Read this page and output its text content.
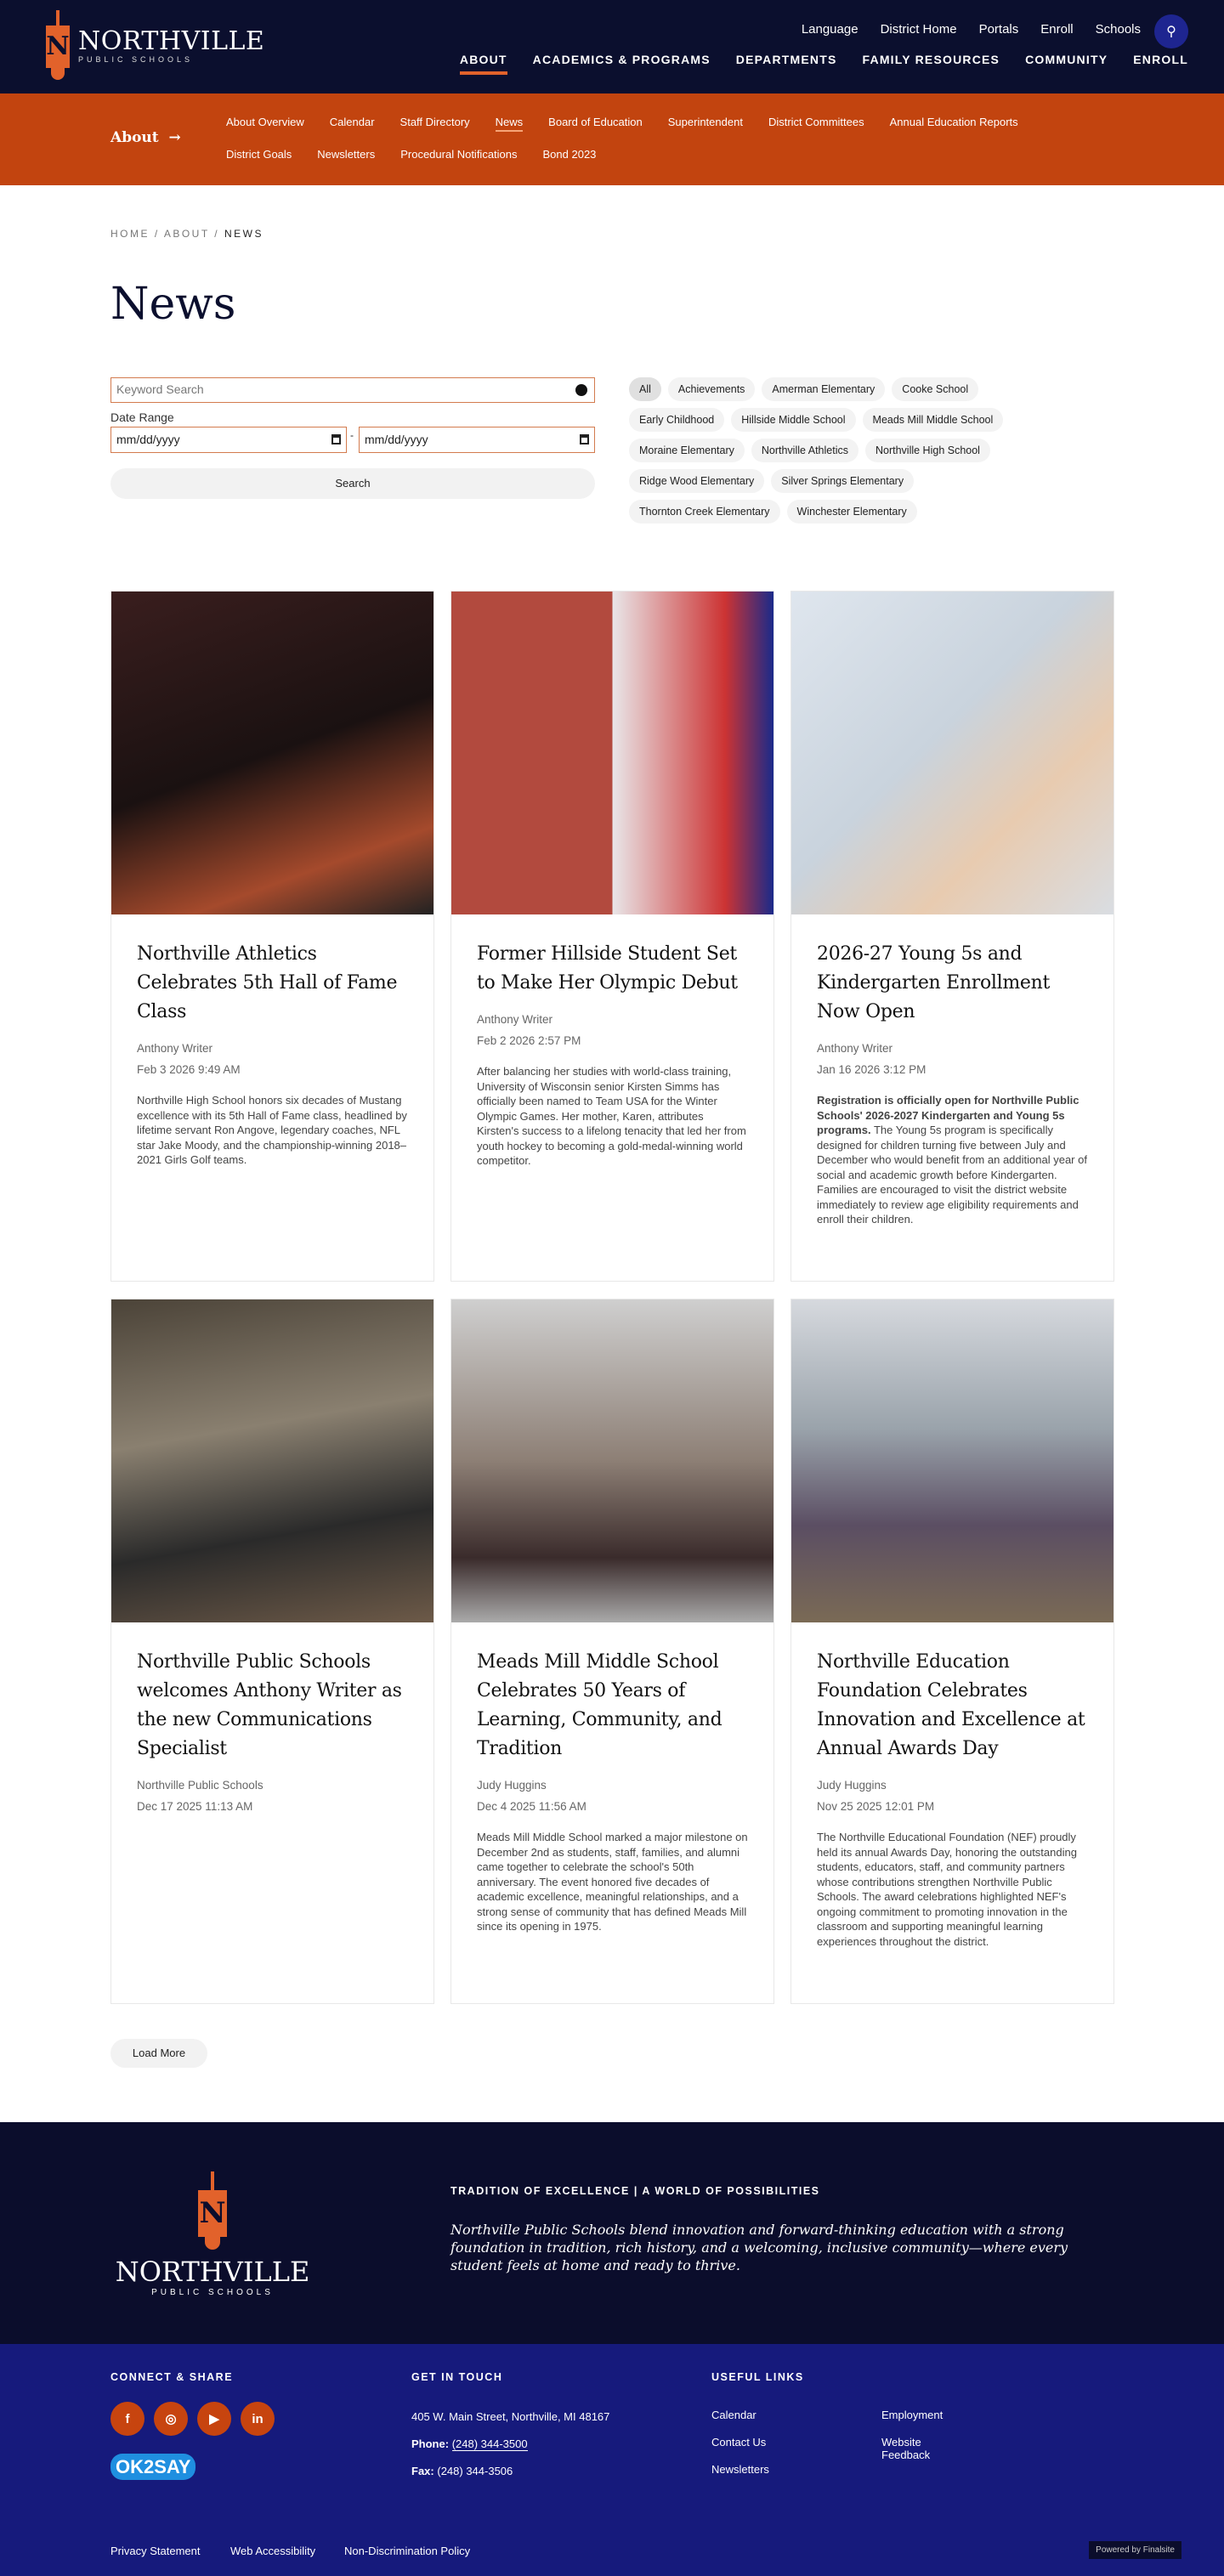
N NORTHVILLE
PUBLIC SCHOOLS
Language District Home Portals Enroll Schools ⚲
ABOUT ACADEMICS & PROGRAMS DEPARTMENTS FAMILY RESOURCES COMMUNITY ENROLL
About  →
About Overview Calendar Staff Directory News Board of Education Superintendent District Committees Annual Education Reports
District Goals Newsletters Procedural Notifications Bond 2023
HOME / ABOUT / NEWS
News
Keyword Search
Date Range
mm/dd/yyyy	- mm/dd/yyyy
Search
All	Achievements	Amerman Elementary	Cooke School
Early Childhood	Hillside Middle School	Meads Mill Middle School
Moraine Elementary	Northville Athletics	Northville High School
Ridge Wood Elementary	Silver Springs Elementary
Thornton Creek Elementary	Winchester Elementary
Northville Athletics Celebrates 5th Hall of Fame Class
Anthony Writer
Feb 3 2026 9:49 AM
Northville High School honors six decades of Mustang excellence with its 5th Hall of Fame class, headlined by lifetime servant Ron Angove, legendary coaches, NFL star Jake Moody, and the championship-winning 2018–2021 Girls Golf teams.
Former Hillside Student Set to Make Her Olympic Debut
Anthony Writer
Feb 2 2026 2:57 PM
After balancing her studies with world-class training, University of Wisconsin senior Kirsten Simms has officially been named to Team USA for the Winter Olympic Games. Her mother, Karen, attributes Kirsten's success to a lifelong tenacity that led her from youth hockey to becoming a gold-medal-winning world competitor.
2026-27 Young 5s and Kindergarten Enrollment Now Open
Anthony Writer
Jan 16 2026 3:12 PM
Registration is officially open for Northville Public Schools' 2026-2027 Kindergarten and Young 5s programs. The Young 5s program is specifically designed for children turning five between July and December who would benefit from an additional year of social and academic growth before Kindergarten. Families are encouraged to visit the district website immediately to review age eligibility requirements and enroll their children.
Northville Public Schools welcomes Anthony Writer as the new Communications Specialist
Northville Public Schools
Dec 17 2025 11:13 AM
Meads Mill Middle School Celebrates 50 Years of Learning, Community, and Tradition
Judy Huggins
Dec 4 2025 11:56 AM
Meads Mill Middle School marked a major milestone on December 2nd as students, staff, families, and alumni came together to celebrate the school's 50th anniversary. The event honored five decades of academic excellence, meaningful relationships, and a strong sense of community that has defined Meads Mill since its opening in 1975.
Northville Education Foundation Celebrates Innovation and Excellence at Annual Awards Day
Judy Huggins
Nov 25 2025 12:01 PM
The Northville Educational Foundation (NEF) proudly held its annual Awards Day, honoring the outstanding students, educators, staff, and community partners whose contributions strengthen Northville Public Schools. The award celebrations highlighted NEF's ongoing commitment to promoting innovation in the classroom and supporting meaningful learning experiences throughout the district.
Load More
N
NORTHVILLE
PUBLIC SCHOOLS
TRADITION OF EXCELLENCE | A WORLD OF POSSIBILITIES
Northville Public Schools blend innovation and forward-thinking education with a strong foundation in tradition, rich history, and a welcoming, inclusive community—where every student feels at home and ready to thrive.
CONNECT & SHARE
f	◎	▶	in
OK2SAY
GET IN TOUCH
405 W. Main Street, Northville, MI 48167
Phone: (248) 344-3500
Fax: (248) 344-3506
USEFUL LINKS
Calendar
Contact Us
Newsletters
Employment
Website Feedback
Privacy Statement	Web Accessibility	Non-Discrimination Policy	Powered by Finalsite
